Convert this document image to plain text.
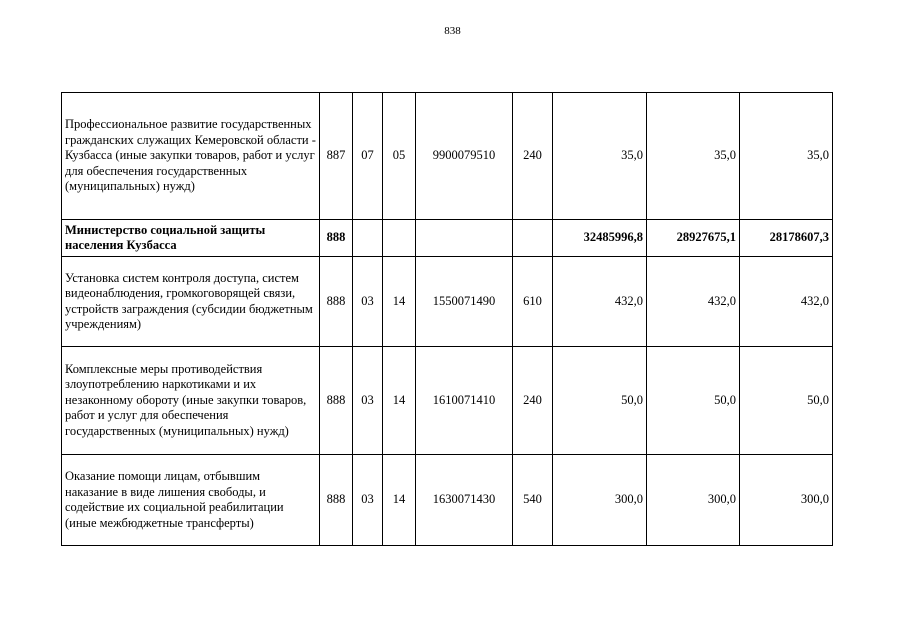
838
Профессиональное развитие государственных гражданских служащих Кемеровской области - Кузбасса (иные закупки товаров, работ и услуг для обеспечения государственных (муниципальных) нужд)	887	07	05	9900079510	240	35,0	35,0	35,0
Министерство социальной защиты населения Кузбасса	888					32485996,8	28927675,1	28178607,3
Установка систем контроля доступа, систем видеонаблюдения, громкоговорящей связи, устройств заграждения (субсидии бюджетным учреждениям)	888	03	14	1550071490	610	432,0	432,0	432,0
Комплексные меры противодействия злоупотреблению наркотиками и их незаконному обороту (иные закупки товаров, работ и услуг для обеспечения государственных (муниципальных) нужд)	888	03	14	1610071410	240	50,0	50,0	50,0
Оказание помощи лицам, отбывшим наказание в виде лишения свободы, и содействие их социальной реабилитации (иные межбюджетные трансферты)	888	03	14	1630071430	540	300,0	300,0	300,0
